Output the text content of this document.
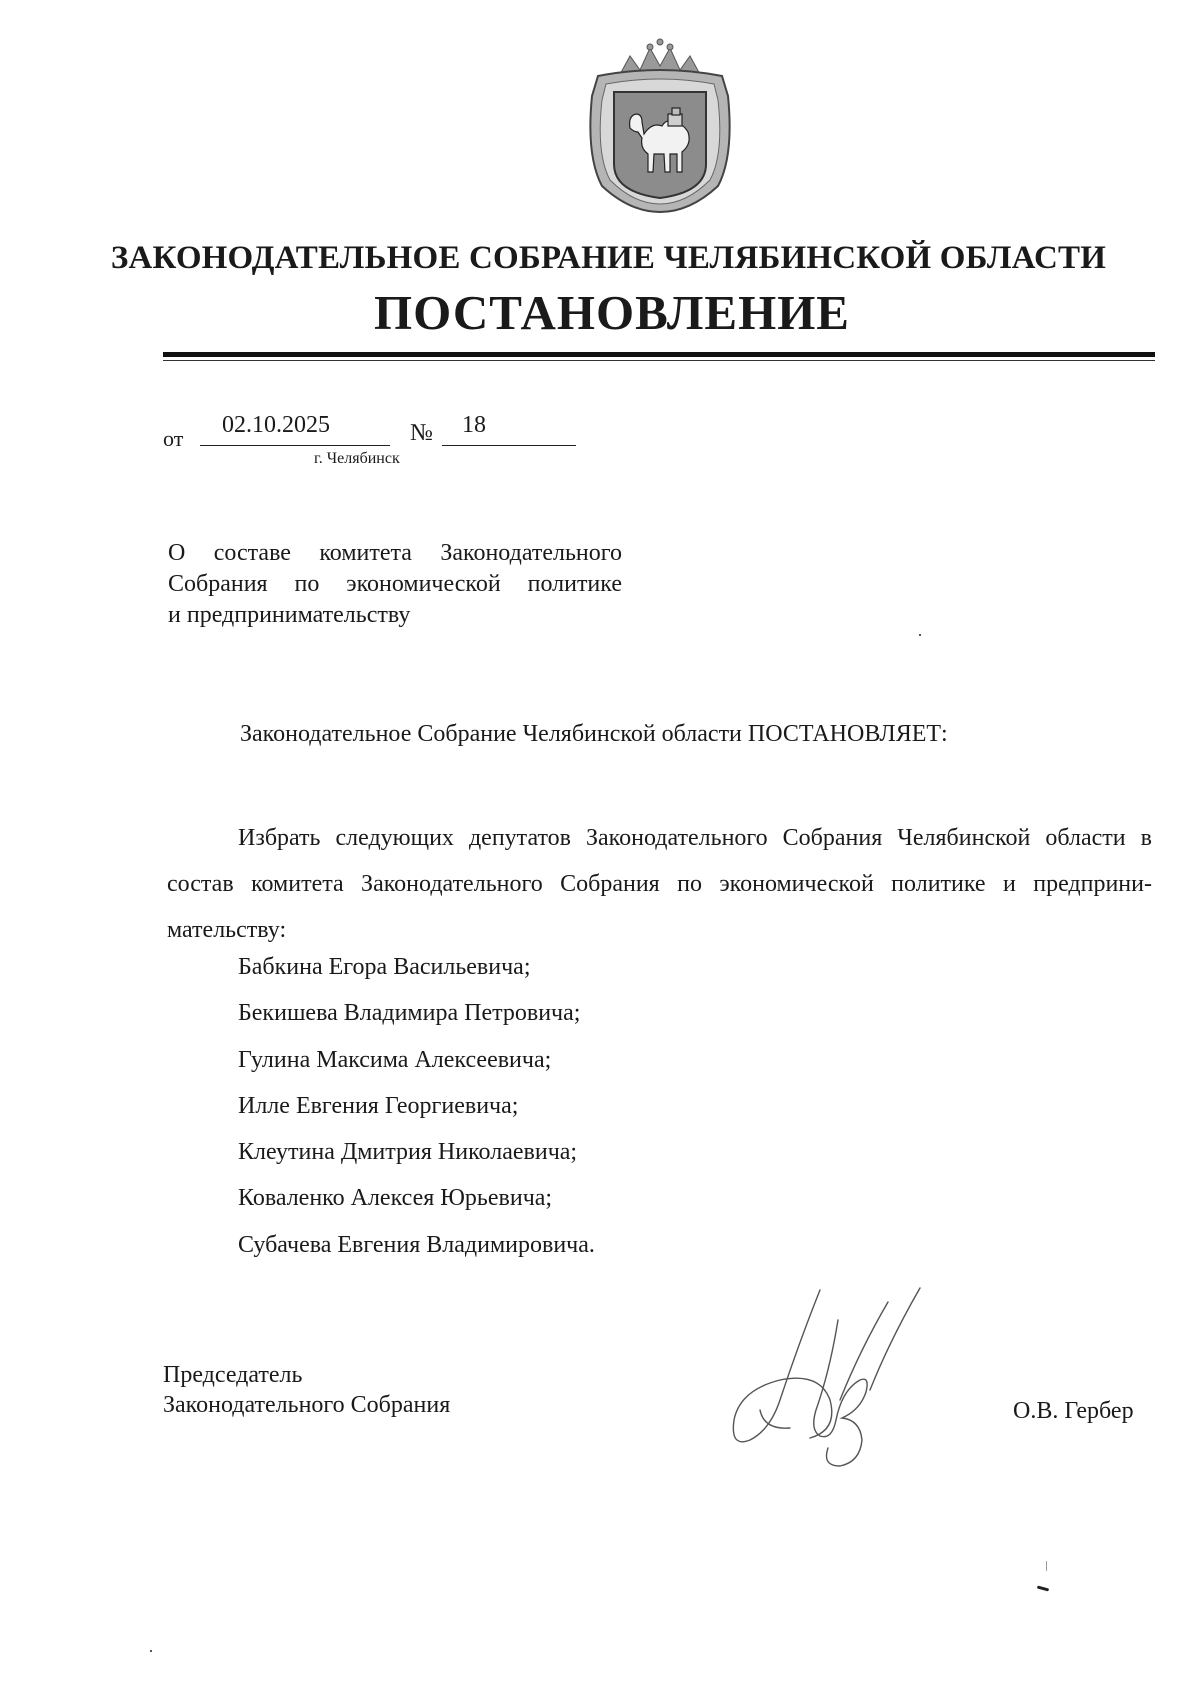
ЗАКОНОДАТЕЛЬНОЕ СОБРАНИЕ ЧЕЛЯБИНСКОЙ ОБЛАСТИ
ПОСТАНОВЛЕНИЕ
от
02.10.2025	№ 18
г. Челябинск
О составе комитета Законодательного
Собрания по экономической политике
и предпринимательству
Законодательное Собрание Челябинской области ПОСТАНОВЛЯЕТ:
Избрать следующих депутатов Законодательного Собрания Челябинской области в состав комитета Законодательного Собрания по экономической политике и предпринимательству:
Бабкина Егора Васильевича;
Бекишева Владимира Петровича;
Гулина Максима Алексеевича;
Илле Евгения Георгиевича;
Клеутина Дмитрия Николаевича;
Коваленко Алексея Юрьевича;
Субачева Евгения Владимировича.
Председатель
Законодательного Собрания	О.В. Гербер
